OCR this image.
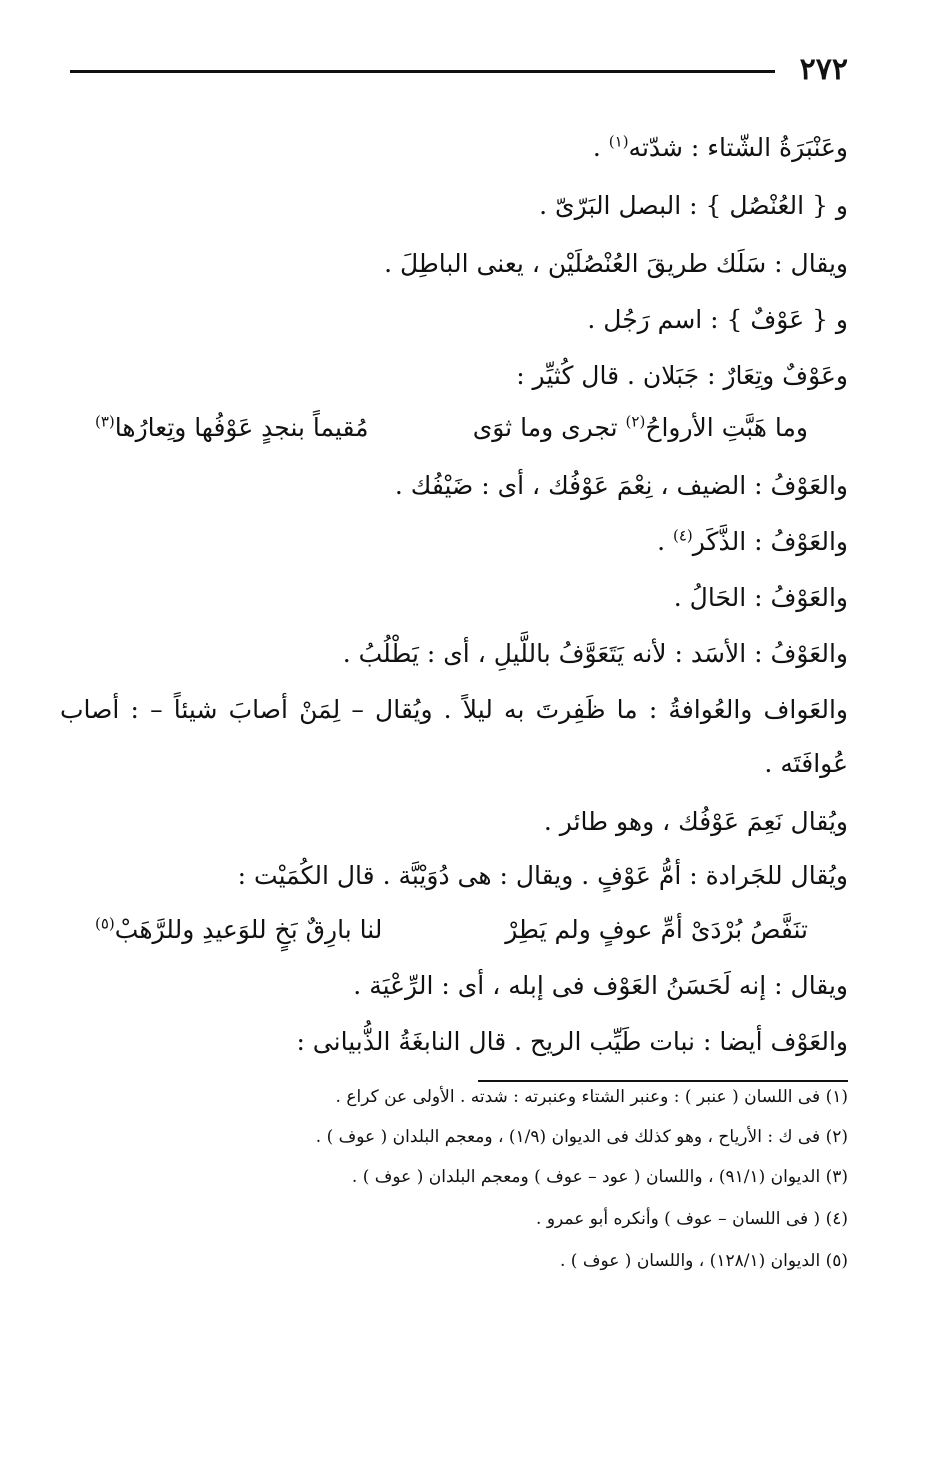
٢٧٢
وعَنْبَرَةُ الشّتاء : شدّته$^{(١)}$ .
و { العُنْصُل } : البصل البَرّىّ .
ويقال : سَلَك طريقَ العُنْصُلَيْن ، يعنى الباطِلَ .
و { عَوْفٌ } : اسم رَجُل .
وعَوْفٌ وتِعَارٌ : جَبَلان . قال كُثيِّر :
وما هَبَّتِ الأرواحُ$^{(٢)}$ تجرى وما ثوَى
مُقيماً بنجدٍ عَوْفُها وتِعارُها$^{(٣)}$
والعَوْفُ : الضيف ، نِعْمَ عَوْفُك ، أى : ضَيْفُك .
والعَوْفُ : الذَّكَر$^{(٤)}$ .
والعَوْفُ : الحَالُ .
والعَوْفُ : الأسَد : لأنه يَتَعَوَّفُ باللَّيلِ ، أى : يَطْلُبُ .
والعَواف والعُوافةُ : ما ظَفِرتَ به ليلاً . ويُقال – لِمَنْ أصابَ شيئاً – : أصاب
عُوافَتَه .
ويُقال نَعِمَ عَوْفُك ، وهو طائر .
ويُقال للجَرادة : أمُّ عَوْفٍ . ويقال : هى دُوَيْبَّة . قال الكُمَيْت :
تنَفَّصُ بُرْدَىْ أمِّ عوفٍ ولم يَطِرْ
لنا بارِقٌ بَخٍ للوَعيدِ وللرَّهَبْ$^{(٥)}$
ويقال : إنه لَحَسَنُ العَوْف فى إبله ، أى : الرِّعْيَة .
والعَوْف أيضا : نبات طَيِّب الريح . قال النابغَةُ الذُّبيانى :
(١) فى اللسان ( عنبر ) : وعنبر الشتاء وعنبرته : شدته . الأولى عن كراع .
(٢) فى ك : الأرياح ، وهو كذلك فى الديوان (١/٩) ، ومعجم البلدان ( عوف ) .
(٣) الديوان (٩١/١) ، واللسان ( عود – عوف ) ومعجم البلدان ( عوف ) .
(٤) ( فى اللسان – عوف ) وأنكره أبو عمرو .
(٥) الديوان (١٢٨/١) ، واللسان ( عوف ) .
